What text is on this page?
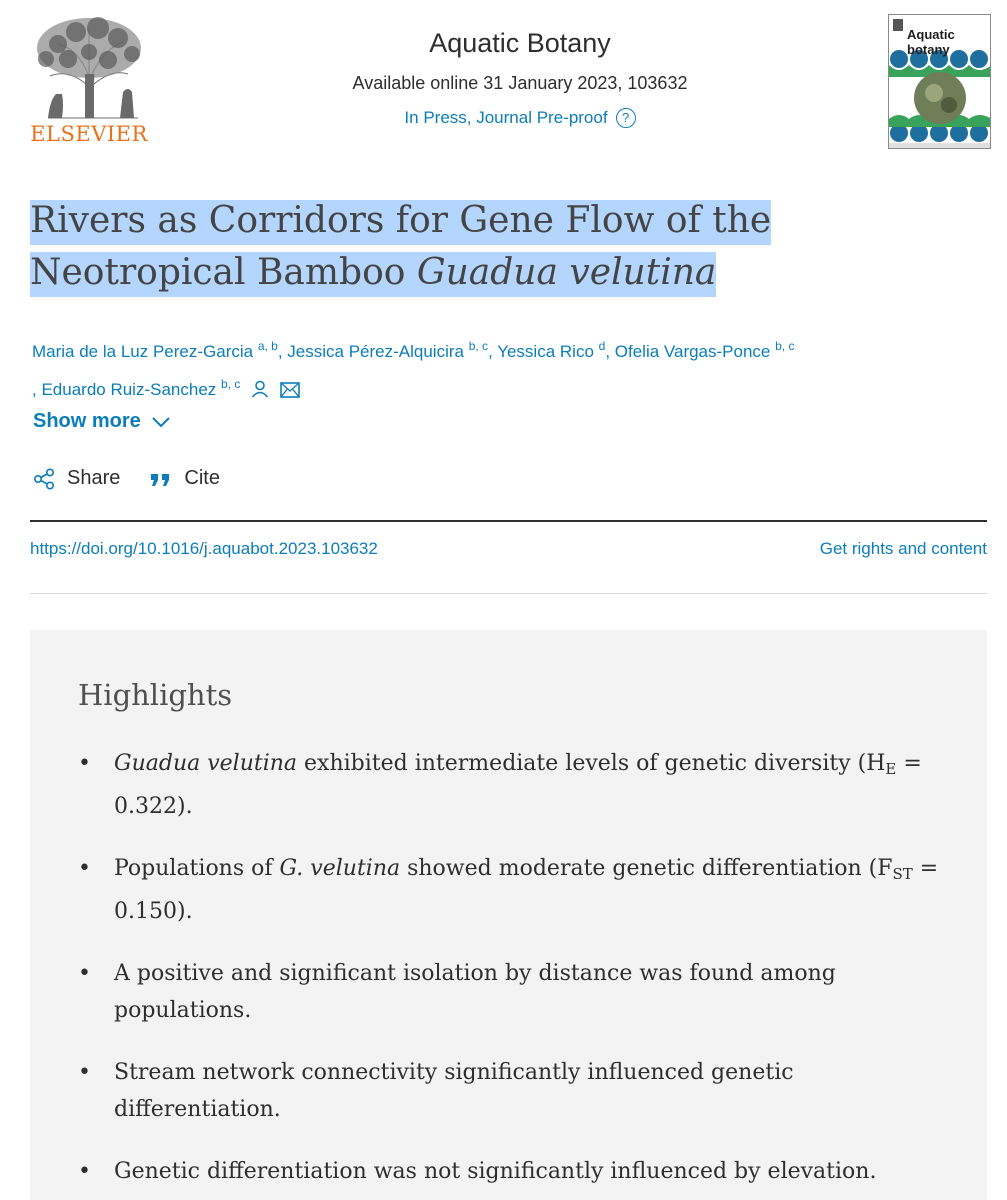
ELSEVIER
Aquatic Botany
Available online 31 January 2023, 103632
In Press, Journal Pre-proof	?
Aquatic botany
Rivers as Corridors for Gene Flow of the
Neotropical Bamboo Guadua velutina
Maria de la Luz Perez-Garcia $^{a, b}$, Jessica Pérez-Alquicira $^{b, c}$, Yessica Rico $^d$, Ofelia Vargas-Ponce $^{b, c}$
, Eduardo Ruiz-Sanchez $^{b, c}$
Show more
Share	Cite
https://doi.org/10.1016/j.aquabot.2023.103632	Get rights and content
Highlights
• Guadua velutina exhibited intermediate levels of genetic diversity $(H_E = 0.322)$.
• Populations of G. velutina showed moderate genetic differentiation $(F_{ST} = 0.150)$.
• A positive and significant isolation by distance was found among populations.
• Stream network connectivity significantly influenced genetic differentiation.
• Genetic differentiation was not significantly influenced by elevation.
